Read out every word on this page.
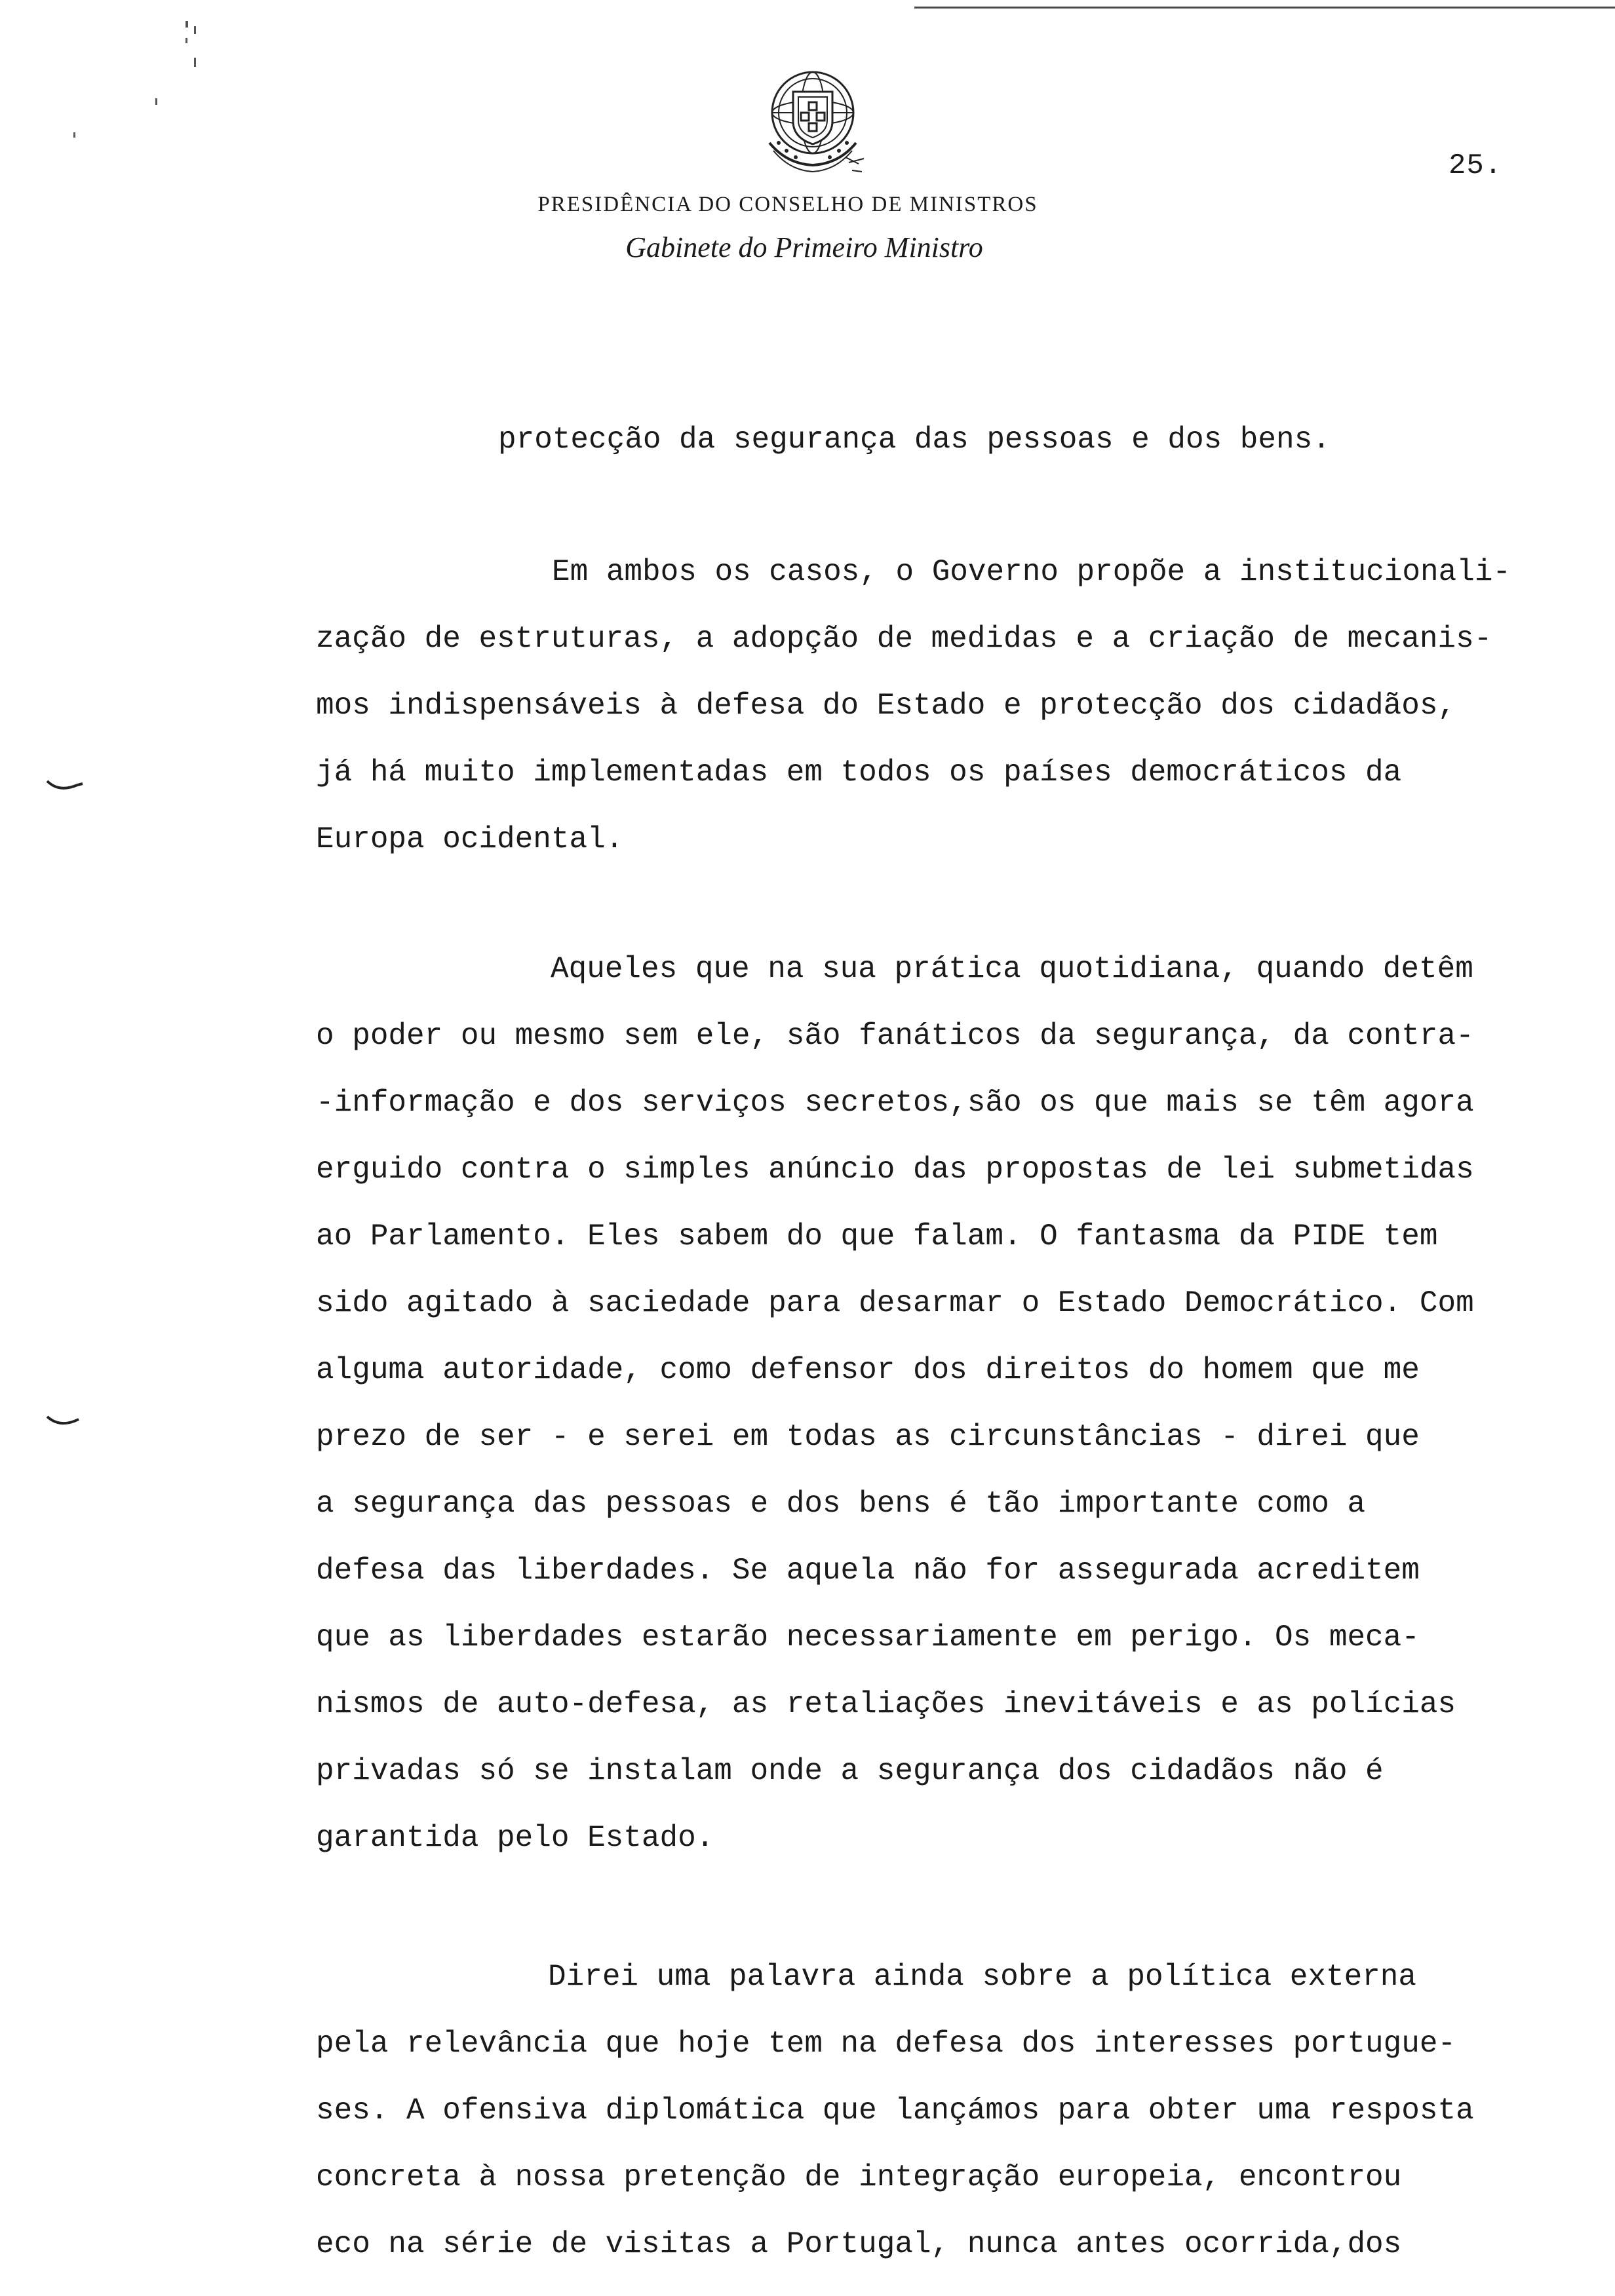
25.
PRESIDÊNCIA DO CONSELHO DE MINISTROS
Gabinete do Primeiro Ministro
protecção da segurança das pessoas e dos bens.
Em ambos os casos, o Governo propõe a institucionali-
zação de estruturas, a adopção de medidas e a criação de mecanis-
mos indispensáveis à defesa do Estado e protecção dos cidadãos,
já há muito implementadas em todos os países democráticos da
Europa ocidental.
Aqueles que na sua prática quotidiana, quando detêm
o poder ou mesmo sem ele, são fanáticos da segurança, da contra-
-informação e dos serviços secretos,são os que mais se têm agora
erguido contra o simples anúncio das propostas de lei submetidas
ao Parlamento. Eles sabem do que falam. O fantasma da PIDE tem
sido agitado à saciedade para desarmar o Estado Democrático. Com
alguma autoridade, como defensor dos direitos do homem que me
prezo de ser - e serei em todas as circunstâncias - direi que
a segurança das pessoas e dos bens é tão importante como a
defesa das liberdades. Se aquela não for assegurada acreditem
que as liberdades estarão necessariamente em perigo. Os meca-
nismos de auto-defesa, as retaliações inevitáveis e as polícias
privadas só se instalam onde a segurança dos cidadãos não é
garantida pelo Estado.
Direi uma palavra ainda sobre a política externa
pela relevância que hoje tem na defesa dos interesses portugue-
ses. A ofensiva diplomática que lançámos para obter uma resposta
concreta à nossa pretenção de integração europeia, encontrou
eco na série de visitas a Portugal, nunca antes ocorrida,dos
